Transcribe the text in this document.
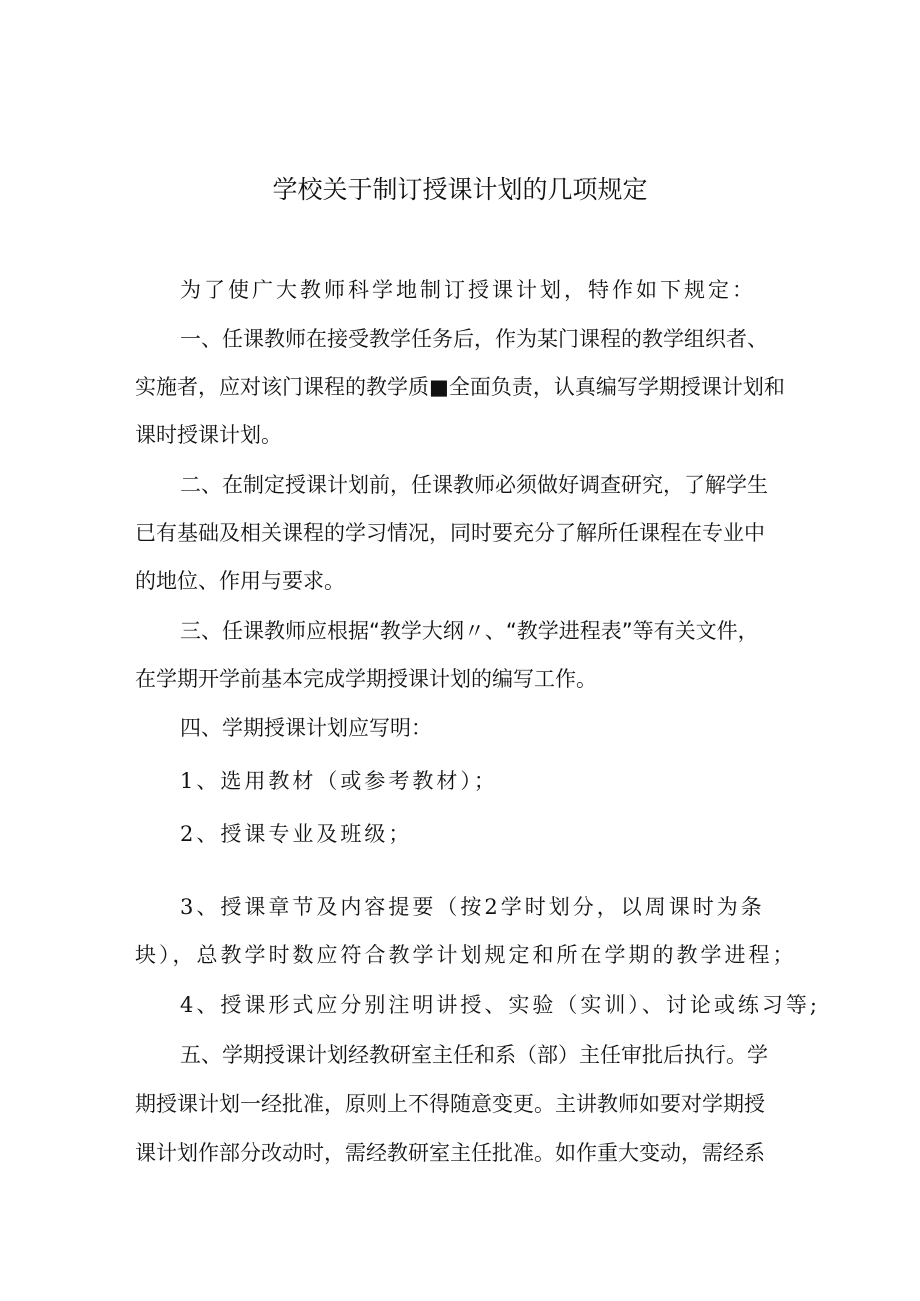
学校关于制订授课计划的几项规定
为了使广大教师科学地制订授课计划，特作如下规定：
一、任课教师在接受教学任务后，作为某门课程的教学组织者、
实施者，应对该门课程的教学质■全面负责，认真编写学期授课计划和
课时授课计划。
二、在制定授课计划前，任课教师必须做好调查研究，了解学生
已有基础及相关课程的学习情况，同时要充分了解所任课程在专业中
的地位、作用与要求。
三、任课教师应根据“教学大纲〃、“教学进程表”等有关文件，
在学期开学前基本完成学期授课计划的编写工作。
四、学期授课计划应写明：
1、选用教材（或参考教材）；
2、授课专业及班级；
3、授课章节及内容提要（按2学时划分，以周课时为条
块），总教学时数应符合教学计划规定和所在学期的教学进程；
4、授课形式应分别注明讲授、实验（实训）、讨论或练习等;
五、学期授课计划经教研室主任和系（部）主任审批后执行。学
期授课计划一经批准，原则上不得随意变更。主讲教师如要对学期授
课计划作部分改动时，需经教研室主任批准。如作重大变动，需经系
